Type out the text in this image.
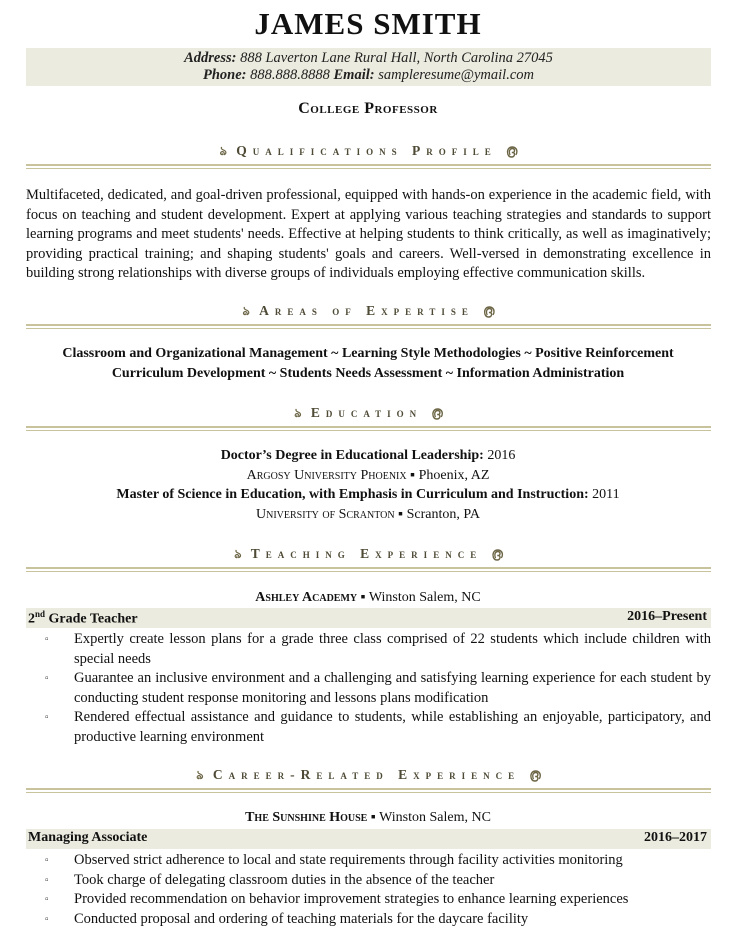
JAMES SMITH
Address: 888 Laverton Lane Rural Hall, North Carolina 27045
Phone: 888.888.8888 Email: sampleresume@ymail.com
College Professor
ঌ Qualifications Profile ൫
Multifaceted, dedicated, and goal-driven professional, equipped with hands-on experience in the academic field, with focus on teaching and student development. Expert at applying various teaching strategies and standards to support learning programs and meet students' needs. Effective at helping students to think critically, as well as imaginatively; providing practical training; and shaping students' goals and careers. Well-versed in demonstrating excellence in building strong relationships with diverse groups of individuals employing effective communication skills.
ঌ Areas of Expertise ൫
Classroom and Organizational Management ~ Learning Style Methodologies ~ Positive Reinforcement
Curriculum Development ~ Students Needs Assessment ~ Information Administration
ঌ Education ൫
Doctor’s Degree in Educational Leadership: 2016
Argosy University Phoenix ▪ Phoenix, AZ
Master of Science in Education, with Emphasis in Curriculum and Instruction: 2011
University of Scranton ▪ Scranton, PA
ঌ Teaching Experience ൫
Ashley Academy ▪ Winston Salem, NC
2nd Grade Teacher	2016–Present
▫ Expertly create lesson plans for a grade three class comprised of 22 students which include children with special needs
▫ Guarantee an inclusive environment and a challenging and satisfying learning experience for each student by conducting student response monitoring and lessons plans modification
▫ Rendered effectual assistance and guidance to students, while establishing an enjoyable, participatory, and productive learning environment
ঌ Career-Related Experience ൫
The Sunshine House ▪ Winston Salem, NC
Managing Associate	2016–2017
▫ Observed strict adherence to local and state requirements through facility activities monitoring
▫ Took charge of delegating classroom duties in the absence of the teacher
▫ Provided recommendation on behavior improvement strategies to enhance learning experiences
▫ Conducted proposal and ordering of teaching materials for the daycare facility
